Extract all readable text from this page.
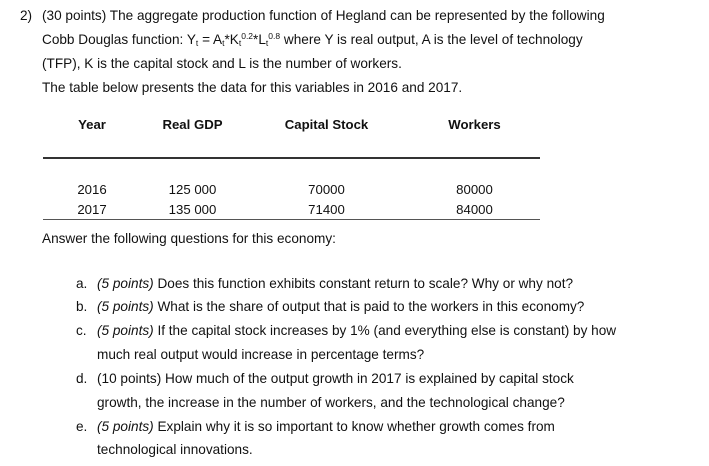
2) (30 points) The aggregate production function of Hegland can be represented by the following
Cobb Douglas function: $Y_t = A_t*K_t^{0.2}*L_t^{0.8}$ where Y is real output, A is the level of technology
(TFP), K is the capital stock and L is the number of workers.
The table below presents the data for this variables in 2016 and 2017.
Year	Real GDP	Capital Stock	Workers

2016	125 000	70000	80000
2017	135 000	71400	84000

Answer the following questions for this economy:
a. (5 points) Does this function exhibits constant return to scale? Why or why not?
b. (5 points) What is the share of output that is paid to the workers in this economy?
c. (5 points) If the capital stock increases by 1% (and everything else is constant) by how
much real output would increase in percentage terms?
d. (10 points) How much of the output growth in 2017 is explained by capital stock
growth, the increase in the number of workers, and the technological change?
e. (5 points) Explain why it is so important to know whether growth comes from
technological innovations.
